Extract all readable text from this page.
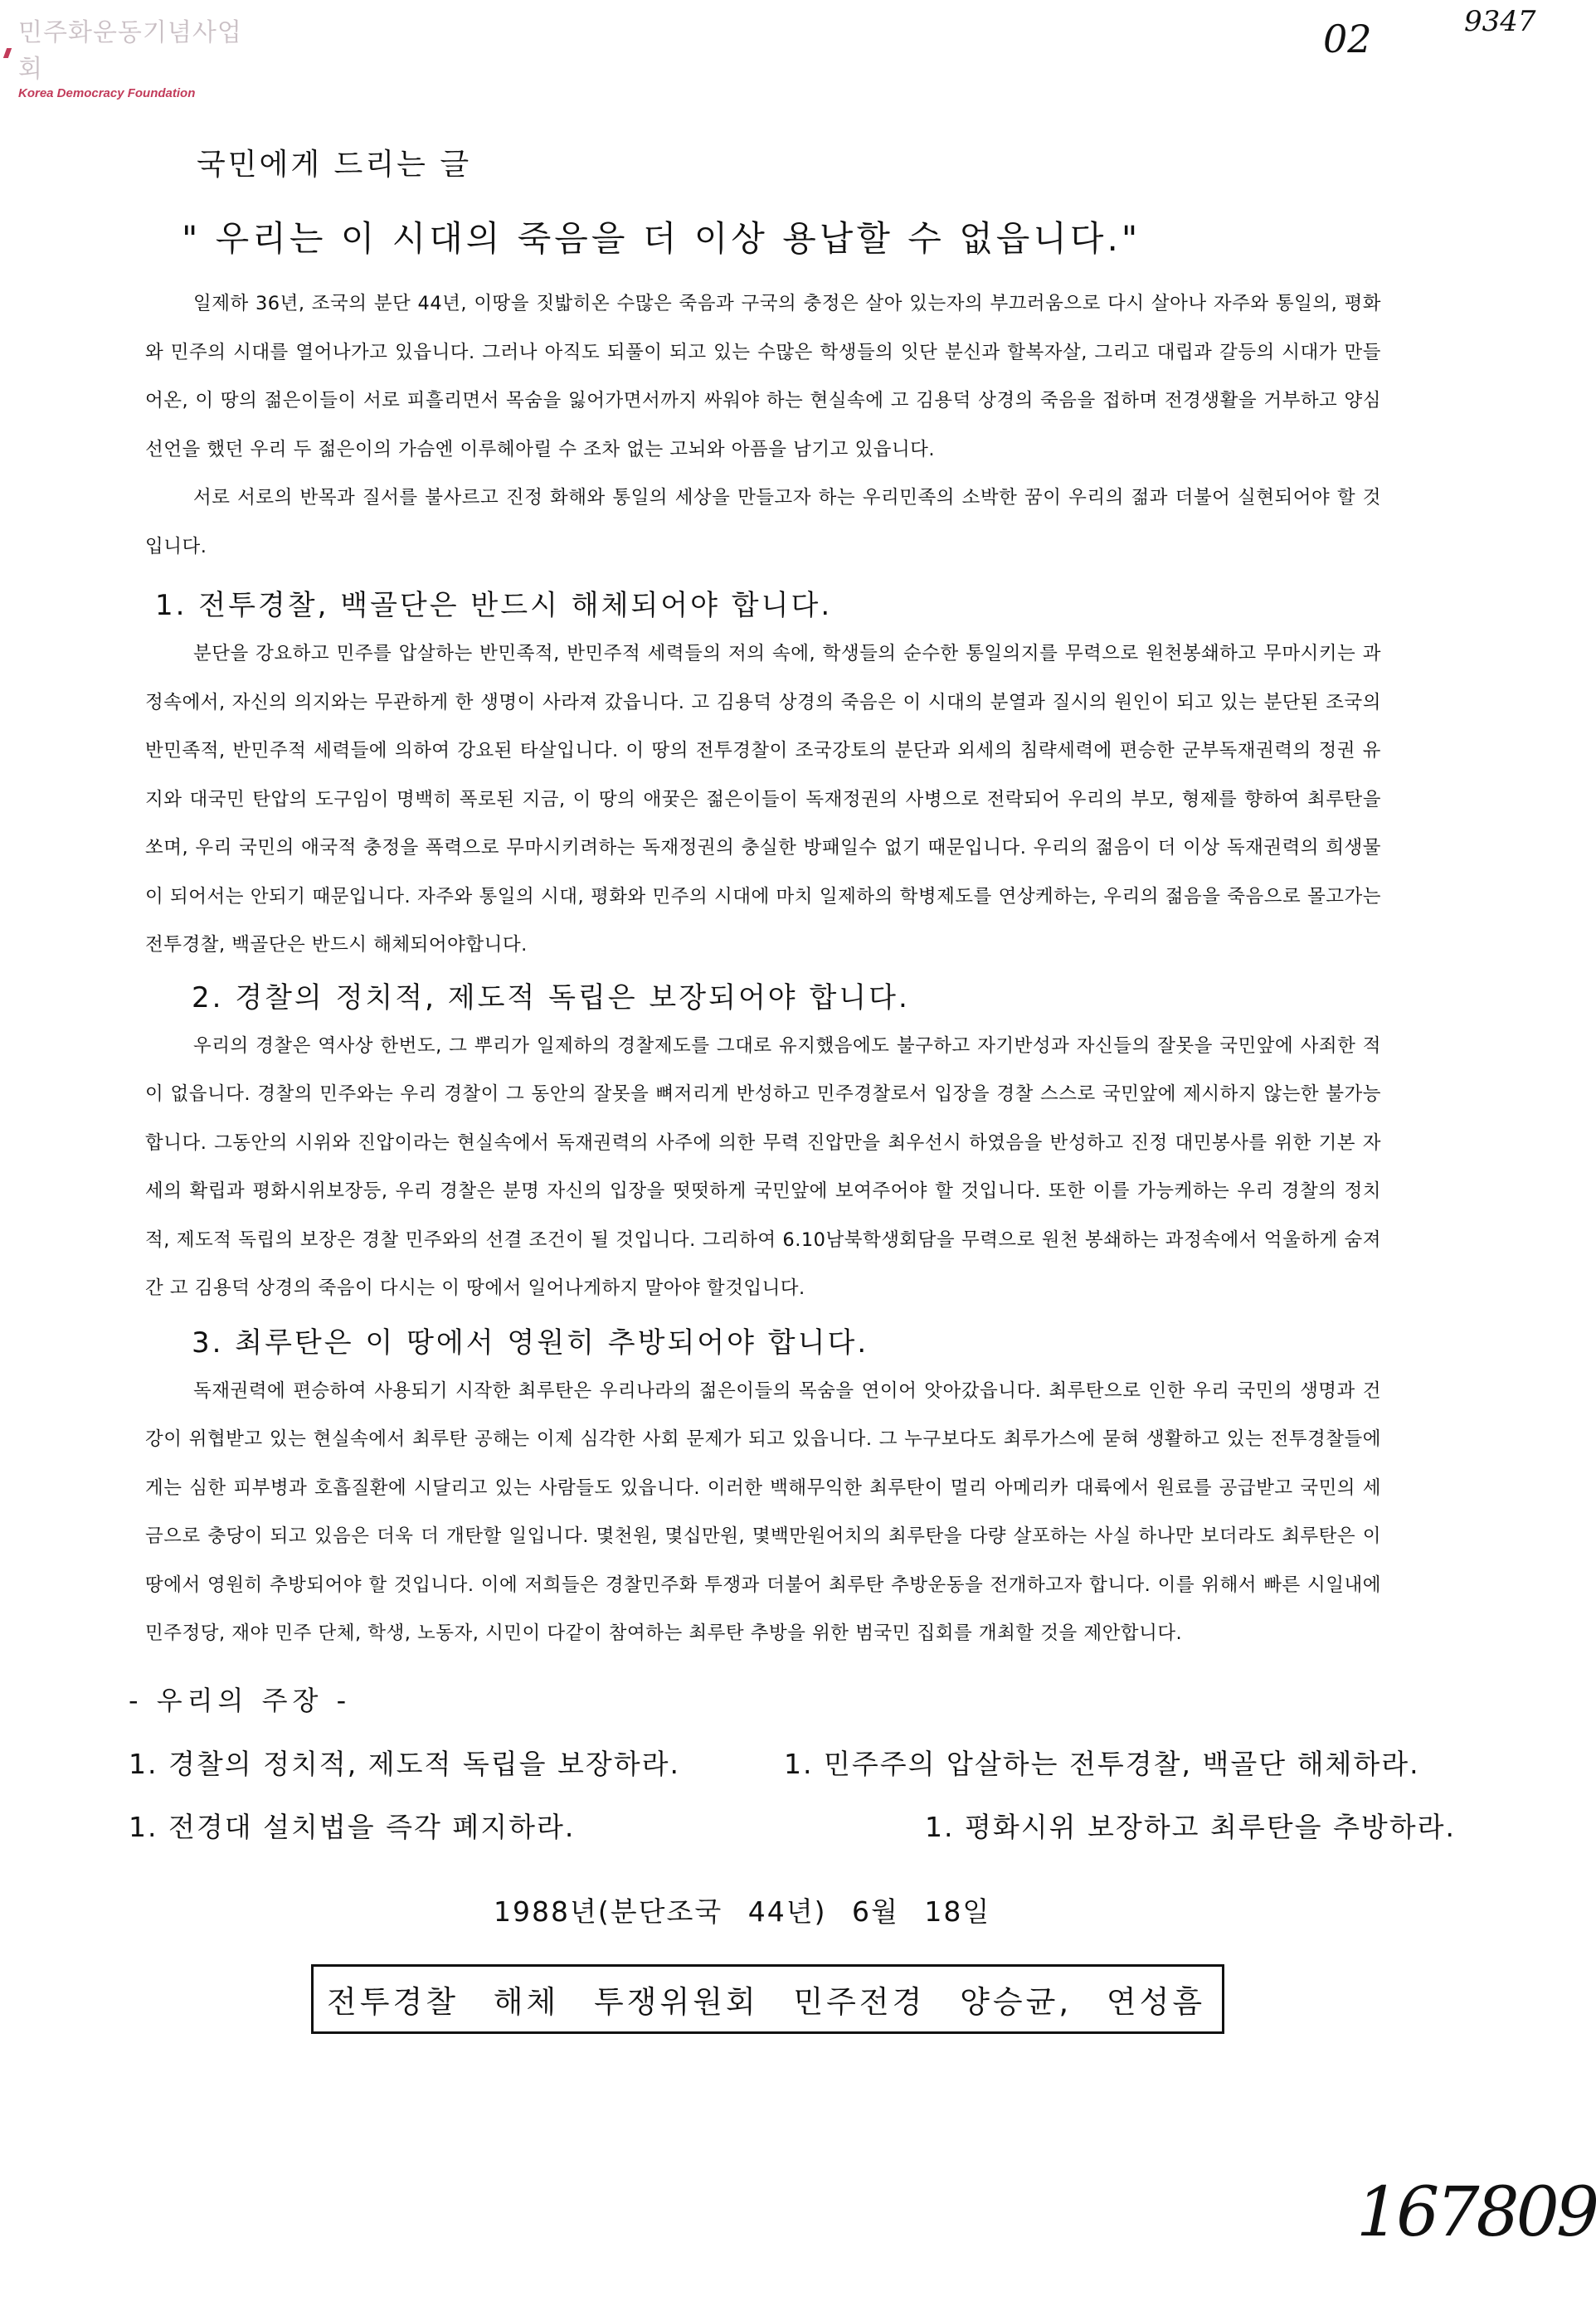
민주화운동기념사업회
Korea Democracy Foundation
02	9347
국민에게 드리는 글
" 우리는 이 시대의 죽음을 더 이상 용납할 수 없읍니다."

일제하 36년, 조국의 분단 44년, 이땅을 짓밟히온 수많은 죽음과 구국의 충정은 살아 있는자의 부끄러움으로 다시 살아나 자주와 통일의, 평화와 민주의 시대를 열어나가고 있읍니다. 그러나 아직도 되풀이 되고 있는 수많은 학생들의 잇단 분신과 할복자살, 그리고 대립과 갈등의 시대가 만들어온, 이 땅의 젊은이들이 서로 피흘리면서 목숨을 잃어가면서까지 싸워야 하는 현실속에 고 김용덕 상경의 죽음을 접하며 전경생활을 거부하고 양심선언을 했던 우리 두 젊은이의 가슴엔 이루헤아릴 수 조차 없는 고뇌와 아픔을 남기고 있읍니다.

서로 서로의 반목과 질서를 불사르고 진정 화해와 통일의 세상을 만들고자 하는 우리민족의 소박한 꿈이 우리의 젊과 더불어 실현되어야 할 것입니다.

1. 전투경찰, 백골단은 반드시 해체되어야 합니다.

분단을 강요하고 민주를 압살하는 반민족적, 반민주적 세력들의 저의 속에, 학생들의 순수한 통일의지를 무력으로 원천봉쇄하고 무마시키는 과정속에서, 자신의 의지와는 무관하게 한 생명이 사라져 갔읍니다. 고 김용덕 상경의 죽음은 이 시대의 분열과 질시의 원인이 되고 있는 분단된 조국의 반민족적, 반민주적 세력들에 의하여 강요된 타살입니다. 이 땅의 전투경찰이 조국강토의 분단과 외세의 침략세력에 편승한 군부독재권력의 정권 유지와 대국민 탄압의 도구임이 명백히 폭로된 지금, 이 땅의 애꿎은 젊은이들이 독재정권의 사병으로 전락되어 우리의 부모, 형제를 향하여 최루탄을 쏘며, 우리 국민의 애국적 충정을 폭력으로 무마시키려하는 독재정권의 충실한 방패일수 없기 때문입니다. 우리의 젊음이 더 이상 독재권력의 희생물이 되어서는 안되기 때문입니다. 자주와 통일의 시대, 평화와 민주의 시대에 마치 일제하의 학병제도를 연상케하는, 우리의 젊음을 죽음으로 몰고가는 전투경찰, 백골단은 반드시 해체되어야합니다.

2. 경찰의 정치적, 제도적 독립은 보장되어야 합니다.

우리의 경찰은 역사상 한번도, 그 뿌리가 일제하의 경찰제도를 그대로 유지했음에도 불구하고 자기반성과 자신들의 잘못을 국민앞에 사죄한 적이 없읍니다. 경찰의 민주와는 우리 경찰이 그 동안의 잘못을 뼈저리게 반성하고 민주경찰로서 입장을 경찰 스스로 국민앞에 제시하지 않는한 불가능합니다. 그동안의 시위와 진압이라는 현실속에서 독재권력의 사주에 의한 무력 진압만을 최우선시 하였음을 반성하고 진정 대민봉사를 위한 기본 자세의 확립과 평화시위보장등, 우리 경찰은 분명 자신의 입장을 떳떳하게 국민앞에 보여주어야 할 것입니다. 또한 이를 가능케하는 우리 경찰의 정치적, 제도적 독립의 보장은 경찰 민주와의 선결 조건이 될 것입니다. 그리하여 6.10남북학생회담을 무력으로 원천 봉쇄하는 과정속에서 억울하게 숨져간 고 김용덕 상경의 죽음이 다시는 이 땅에서 일어나게하지 말아야 할것입니다.

3. 최루탄은 이 땅에서 영원히 추방되어야 합니다.

독재권력에 편승하여 사용되기 시작한 최루탄은 우리나라의 젊은이들의 목숨을 연이어 앗아갔읍니다. 최루탄으로 인한 우리 국민의 생명과 건강이 위협받고 있는 현실속에서 최루탄 공해는 이제 심각한 사회 문제가 되고 있읍니다. 그 누구보다도 최루가스에 묻혀 생활하고 있는 전투경찰들에게는 심한 피부병과 호흡질환에 시달리고 있는 사람들도 있읍니다. 이러한 백해무익한 최루탄이 멀리 아메리카 대륙에서 원료를 공급받고 국민의 세금으로 충당이 되고 있음은 더욱 더 개탄할 일입니다. 몇천원, 몇십만원, 몇백만원어치의 최루탄을 다량 살포하는 사실 하나만 보더라도 최루탄은 이 땅에서 영원히 추방되어야 할 것입니다. 이에 저희들은 경찰민주화 투쟁과 더불어 최루탄 추방운동을 전개하고자 합니다. 이를 위해서 빠른 시일내에 민주정당, 재야 민주 단체, 학생, 노동자, 시민이 다같이 참여하는 최루탄 추방을 위한 범국민 집회를 개최할 것을 제안합니다.

- 우리의 주장 -
1. 경찰의 정치적, 제도적 독립을 보장하라.	1. 민주주의 압살하는 전투경찰, 백골단 해체하라.
1. 전경대 설치법을 즉각 폐지하라.	1. 평화시위 보장하고 최루탄을 추방하라.
1988년(분단조국 44년) 6월 18일
전투경찰 해체 투쟁위원회 민주전경 양승균, 연성흠
167809
